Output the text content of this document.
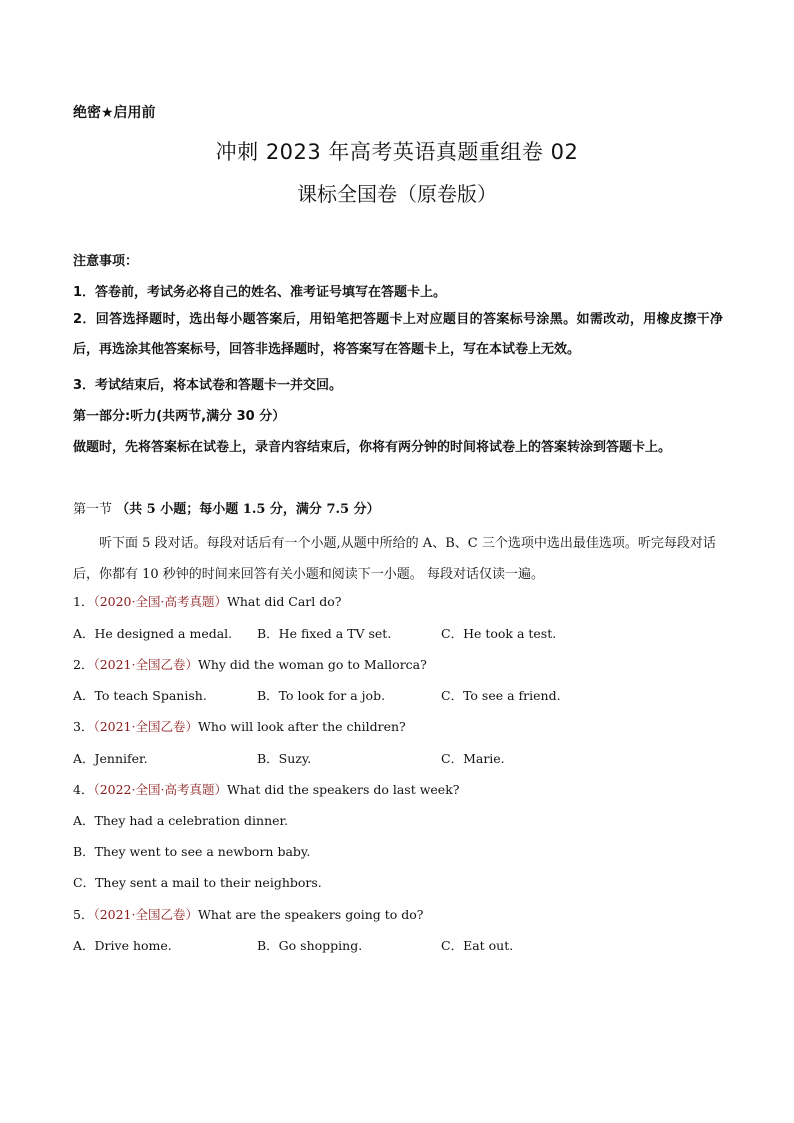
绝密★启用前
冲刺 2023 年高考英语真题重组卷 02
课标全国卷（原卷版）
注意事项：
1．答卷前，考试务必将自己的姓名、准考证号填写在答题卡上。
2．回答选择题时，选出每小题答案后，用铅笔把答题卡上对应题目的答案标号涂黑。如需改动，用橡皮擦干净后，再选涂其他答案标号，回答非选择题时，将答案写在答题卡上，写在本试卷上无效。
3．考试结束后，将本试卷和答题卡一并交回。
第一部分:听力(共两节,满分 30 分）
做题时，先将答案标在试卷上，录音内容结束后，你将有两分钟的时间将试卷上的答案转涂到答题卡上。
第一节 （共 5 小题；每小题 1.5 分，满分 7.5 分）
听下面 5 段对话。每段对话后有一个小题,从题中所给的 A、B、C 三个选项中选出最佳选项。听完每段对话后，你都有 10 秒钟的时间来回答有关小题和阅读下一小题。 每段对话仅读一遍。
1．（2020·全国·高考真题）What did Carl do?
A．He designed a medal. B．He fixed a TV set.	C．He took a test.
2．（2021·全国乙卷）Why did the woman go to Mallorca?
A．To teach Spanish.	B．To look for a job.	C．To see a friend.
3．（2021·全国乙卷）Who will look after the children?
A．Jennifer.	B．Suzy.	C．Marie.
4．（2022·全国·高考真题）What did the speakers do last week?
A．They had a celebration dinner.
B．They went to see a newborn baby.
C．They sent a mail to their neighbors.
5．（2021·全国乙卷）What are the speakers going to do?
A．Drive home.	B．Go shopping.	C．Eat out.
